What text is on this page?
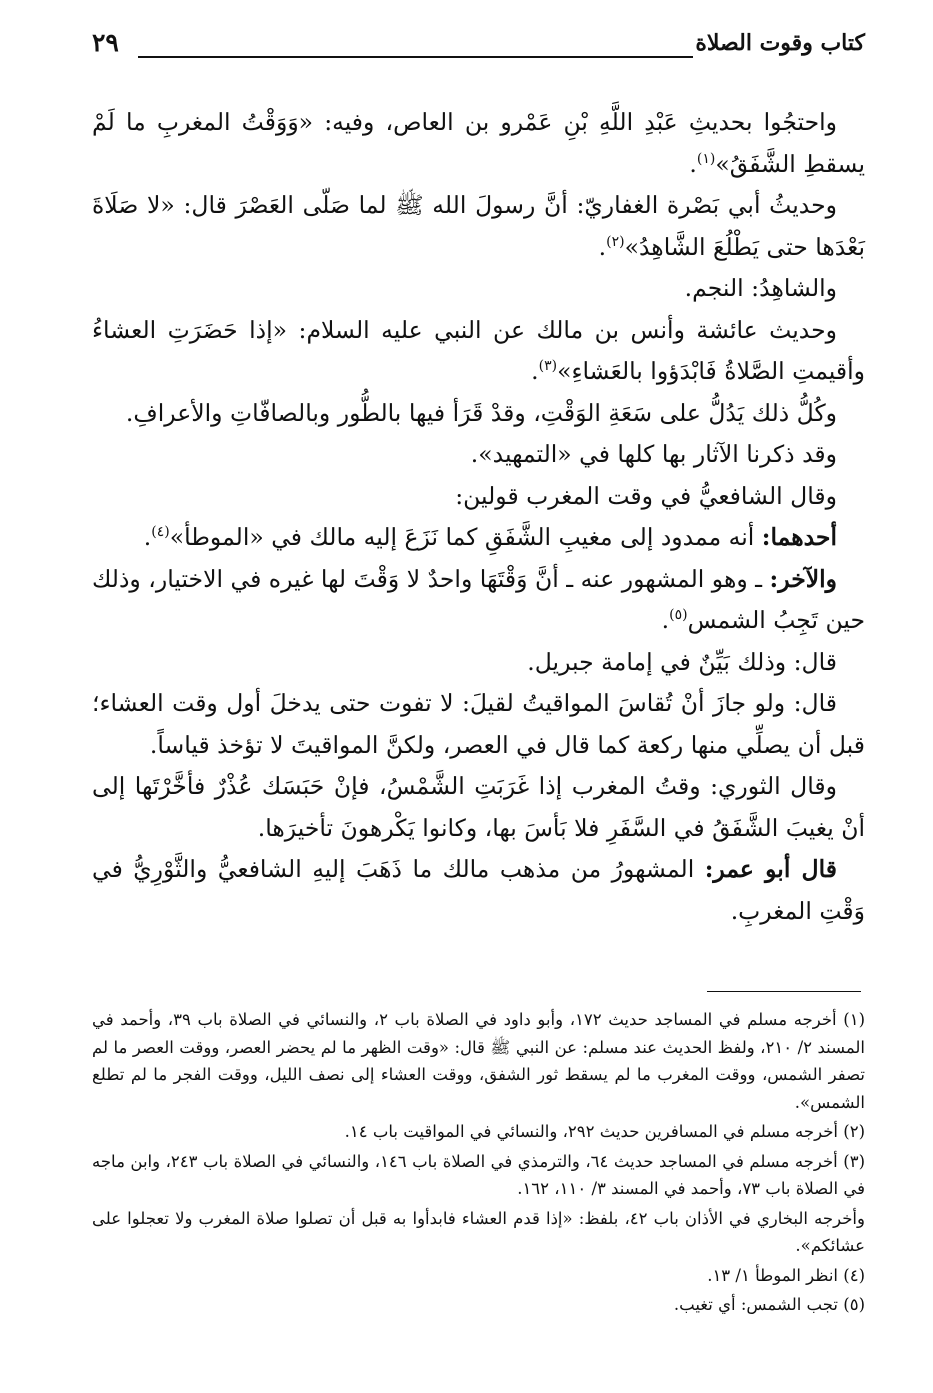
كتاب وقوت الصلاة
٢٩

واحتجُوا بحديثِ عَبْدِ اللَّهِ بْنِ عَمْرو بن العاص، وفيه: «وَوَقْتُ المغربِ ما لَمْ يسقطِ الشَّفَقُ»$^{(١)}$.

وحديثُ أبي بَصْرة الغفاريّ: أنَّ رسولَ الله ﷺ لما صَلّى العَصْرَ قال: «لا صَلَاةَ بَعْدَها حتى يَطْلُعَ الشَّاهِدُ»$^{(٢)}$.

والشاهِدُ: النجم.

وحديث عائشة وأنس بن مالك عن النبي عليه السلام: «إذا حَضَرَتِ العشاءُ وأقيمتِ الصَّلاةُ فَابْدَؤوا بالعَشاءِ»$^{(٣)}$.

وكُلُّ ذلك يَدُلُّ على سَعَةِ الوَقْتِ، وقدْ قَرَأ فيها بالطُّور وبالصافّاتِ والأعرافِ.

وقد ذكرنا الآثار بها كلها في «التمهيد».

وقال الشافعيُّ في وقت المغرب قولين:

أحدهما: أنه ممدود إلى مغيبِ الشَّفَقِ كما نَزَعَ إليه مالك في «الموطأ»$^{(٤)}$.

والآخر: ـ وهو المشهور عنه ـ أنَّ وَقْتَهَا واحدٌ لا وَقْتَ لها غيره في الاختيار، وذلك حين تَجِبُ الشمس$^{(٥)}$.

قال: وذلك بَيِّنٌ في إمامة جبريل.

قال: ولو جازَ أنْ تُقاسَ المواقيتُ لقيلَ: لا تفوت حتى يدخلَ أول وقت العشاء؛ قبل أن يصلِّي منها ركعة كما قال في العصر، ولكنَّ المواقيتَ لا تؤخذ قياساً.

وقال الثوري: وقتُ المغرب إذا غَرَبَتِ الشَّمْسُ، فإنْ حَبَسَك عُذْرٌ فأخَّرْتَها إلى أنْ يغيبَ الشَّفَقُ في السَّفَرِ فلا بَأسَ بها، وكانوا يَكْرهونَ تأخيرَها.

قال أبو عمر: المشهورُ من مذهب مالك ما ذَهَبَ إليهِ الشافعيُّ والثَّوْرِيُّ في وَقْتِ المغربِ.

(١) أخرجه مسلم في المساجد حديث ١٧٢، وأبو داود في الصلاة باب ٢، والنسائي في الصلاة باب ٣٩، وأحمد في المسند ٢/ ٢١٠، ولفظ الحديث عند مسلم: عن النبي ﷺ قال: «وقت الظهر ما لم يحضر العصر، ووقت العصر ما لم تصفر الشمس، ووقت المغرب ما لم يسقط ثور الشفق، ووقت العشاء إلى نصف الليل، ووقت الفجر ما لم تطلع الشمس».

(٢) أخرجه مسلم في المسافرين حديث ٢٩٢، والنسائي في المواقيت باب ١٤.

(٣) أخرجه مسلم في المساجد حديث ٦٤، والترمذي في الصلاة باب ١٤٦، والنسائي في الصلاة باب ٢٤٣، وابن ماجه في الصلاة باب ٧٣، وأحمد في المسند ٣/ ١١٠، ١٦٢.

وأخرجه البخاري في الأذان باب ٤٢، بلفظ: «إذا قدم العشاء فابدأوا به قبل أن تصلوا صلاة المغرب ولا تعجلوا على عشائكم».

(٤) انظر الموطأ ١/ ١٣.

(٥) تجب الشمس: أي تغيب.
